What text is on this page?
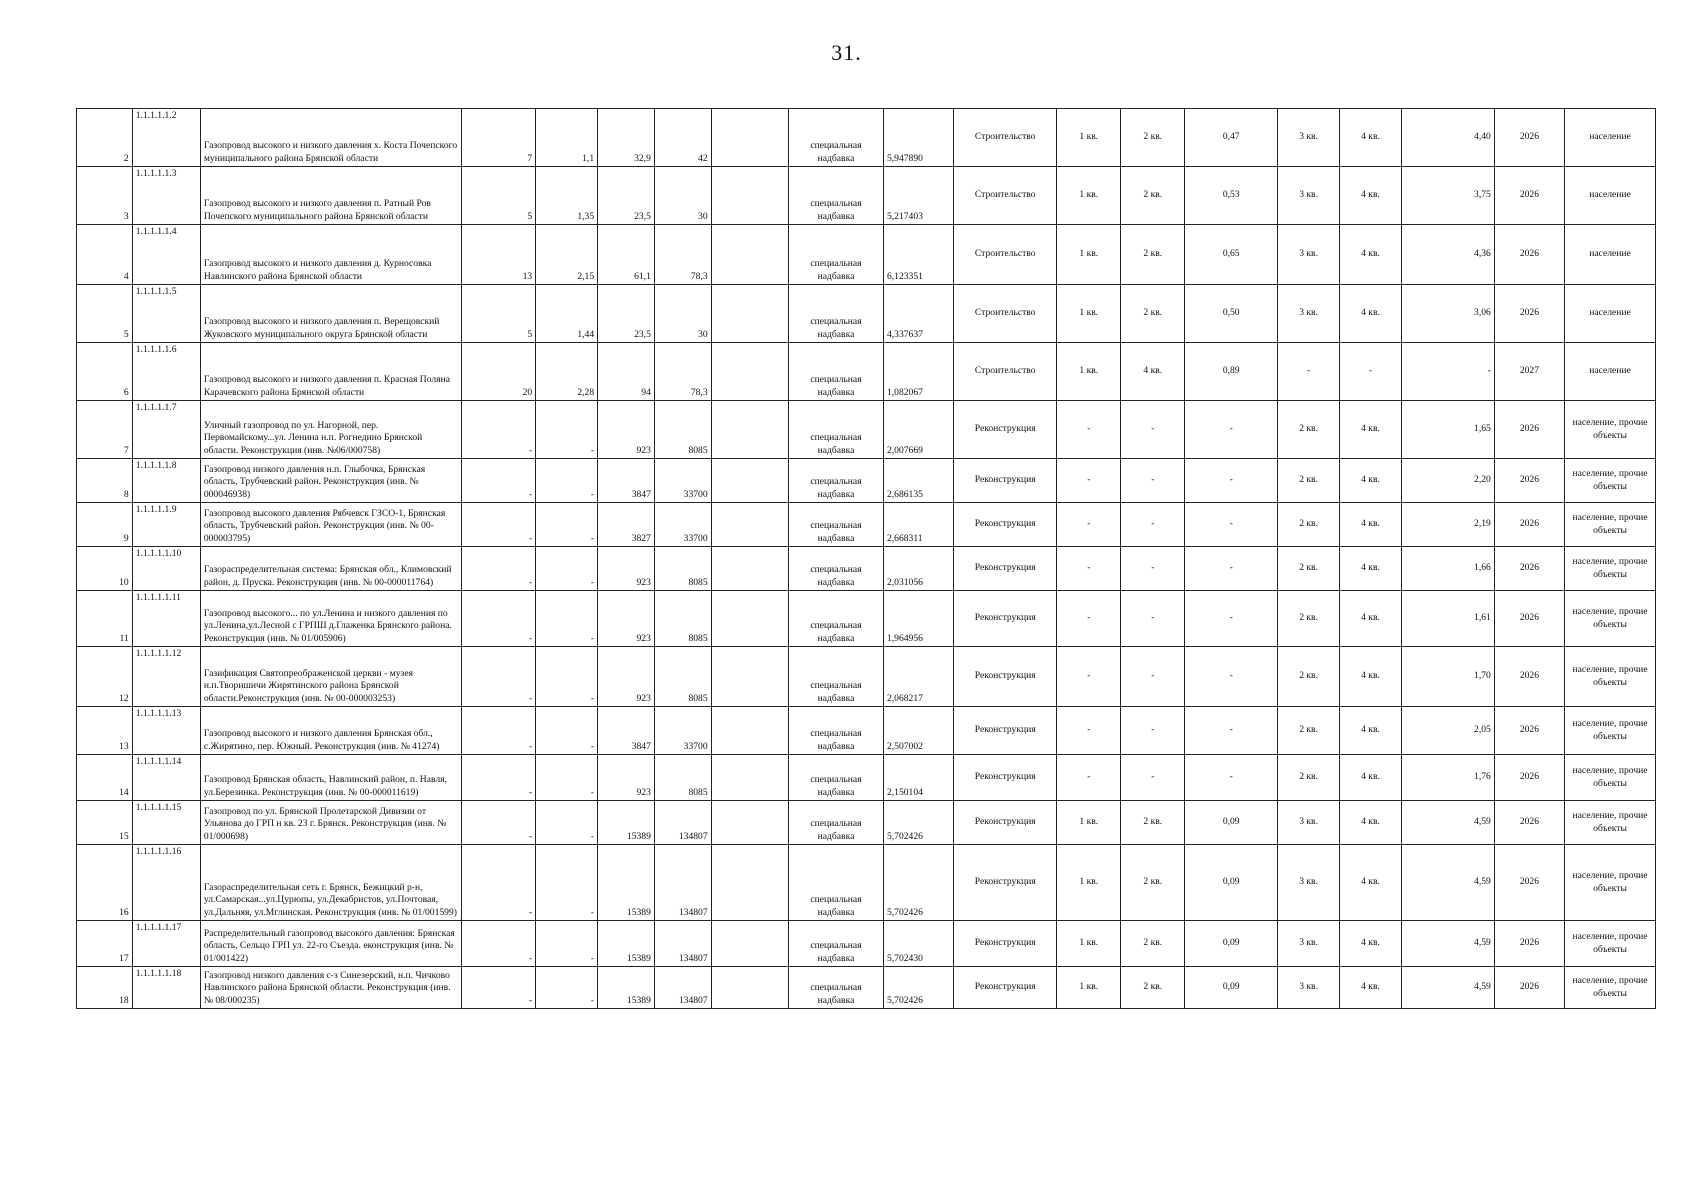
31.
2	1.1.1.1.1.2	Газопровод высокого и низкого давления х. Коста Почепского муниципального района Брянской области	7	1,1	32,9	42		специальная надбавка	5,947890	Строительство	1 кв.	2 кв.	0,47	3 кв.	4 кв.	4,40	2026	население
3	1.1.1.1.1.3	Газопровод высокого и низкого давления п. Ратный Ров Почепского муниципального района Брянской области	5	1,35	23,5	30		специальная надбавка	5,217403	Строительство	1 кв.	2 кв.	0,53	3 кв.	4 кв.	3,75	2026	население
4	1.1.1.1.1.4	Газопровод высокого и низкого давления д. Курносовка Навлинского района Брянской области	13	2,15	61,1	78,3		специальная надбавка	6,123351	Строительство	1 кв.	2 кв.	0,65	3 кв.	4 кв.	4,36	2026	население
5	1.1.1.1.1.5	Газопровод высокого и низкого давления п. Верещовский Жуковского муниципального округа Брянской области	5	1,44	23,5	30		специальная надбавка	4,337637	Строительство	1 кв.	2 кв.	0,50	3 кв.	4 кв.	3,06	2026	население
6	1.1.1.1.1.6	Газопровод высокого и низкого давления п. Красная Поляна Карачевского района Брянской области	20	2,28	94	78,3		специальная надбавка	1,082067	Строительство	1 кв.	4 кв.	0,89	-	-	-	2027	население
7	1.1.1.1.1.7	Уличный газопровод по ул. Нагорной, пер. Первомайскому...ул. Ленина н.п. Рогнедино Брянской области. Реконструкция (инв. №06/000758)	-	-	923	8085		специальная надбавка	2,007669	Реконструкция	-	-	-	2 кв.	4 кв.	1,65	2026	население, прочие объекты
8	1.1.1.1.1.8	Газопровод низкого давления н.п. Глыбочка, Брянская область, Трубчевский район. Реконструкция (инв. № 000046938)	-	-	3847	33700		специальная надбавка	2,686135	Реконструкция	-	-	-	2 кв.	4 кв.	2,20	2026	население, прочие объекты
9	1.1.1.1.1.9	Газопровод высокого давления Рябчевск ГЗСО-1, Брянская область, Трубчевский район. Реконструкция (инв. № 00-000003795)	-	-	3827	33700		специальная надбавка	2,668311	Реконструкция	-	-	-	2 кв.	4 кв.	2,19	2026	население, прочие объекты
10	1.1.1.1.1.10	Газораспределительная система: Брянская обл., Климовский район, д. Пруска. Реконструкция (инв. № 00-000011764)	-	-	923	8085		специальная надбавка	2,031056	Реконструкция	-	-	-	2 кв.	4 кв.	1,66	2026	население, прочие объекты
11	1.1.1.1.1.11	Газопровод высокого... по ул.Ленина и низкого давления по ул.Ленина,ул.Лесной с ГРПШ д.Глаженка Брянского района. Реконструкция (инв. № 01/005906)	-	-	923	8085		специальная надбавка	1,964956	Реконструкция	-	-	-	2 кв.	4 кв.	1,61	2026	население, прочие объекты
12	1.1.1.1.1.12	Газификация Святопреображенской церкви - музея н.п.Творишичи Жирятинского района Брянской области.Реконструкция (инв. № 00-000003253)	-	-	923	8085		специальная надбавка	2,068217	Реконструкция	-	-	-	2 кв.	4 кв.	1,70	2026	население, прочие объекты
13	1.1.1.1.1.13	Газопровод высокого и низкого давления Брянская обл., с.Жирятино, пер. Южный. Реконструкция (инв. № 41274)	-	-	3847	33700		специальная надбавка	2,507002	Реконструкция	-	-	-	2 кв.	4 кв.	2,05	2026	население, прочие объекты
14	1.1.1.1.1.14	Газопровод Брянская область, Навлинский район, п. Навля, ул.Березинка. Реконструкция (инв. № 00-000011619)	-	-	923	8085		специальная надбавка	2,150104	Реконструкция	-	-	-	2 кв.	4 кв.	1,76	2026	население, прочие объекты
15	1.1.1.1.1.15	Газопровод по ул. Брянской Пролетарской Дивизии от Ульянова до ГРП н кв. 23 г. Брянск. Реконструкция (инв. № 01/000698)	-	-	15389	134807		специальная надбавка	5,702426	Реконструкция	1 кв.	2 кв.	0,09	3 кв.	4 кв.	4,59	2026	население, прочие объекты
16	1.1.1.1.1.16	Газораспределительная сеть г. Брянск, Бежицкий р-н, ул.Самарская...ул.Цурюпы, ул.Декабристов, ул.Почтовая, ул.Дальняя, ул.Мглинская. Реконструкция (инв. № 01/001599)	-	-	15389	134807		специальная надбавка	5,702426	Реконструкция	1 кв.	2 кв.	0,09	3 кв.	4 кв.	4,59	2026	население, прочие объекты
17	1.1.1.1.1.17	Распределительный газопровод высокого давления: Брянская область, Сельцо ГРП ул. 22-го Съезда. еконструкция (инв. № 01/001422)	-	-	15389	134807		специальная надбавка	5,702430	Реконструкция	1 кв.	2 кв.	0,09	3 кв.	4 кв.	4,59	2026	население, прочие объекты
18	1.1.1.1.1.18	Газопровод низкого давления с-з Синезерский, н.п. Чичково Навлинского района Брянской области. Реконструкция (инв. № 08/000235)	-	-	15389	134807		специальная надбавка	5,702426	Реконструкция	1 кв.	2 кв.	0,09	3 кв.	4 кв.	4,59	2026	население, прочие объекты
